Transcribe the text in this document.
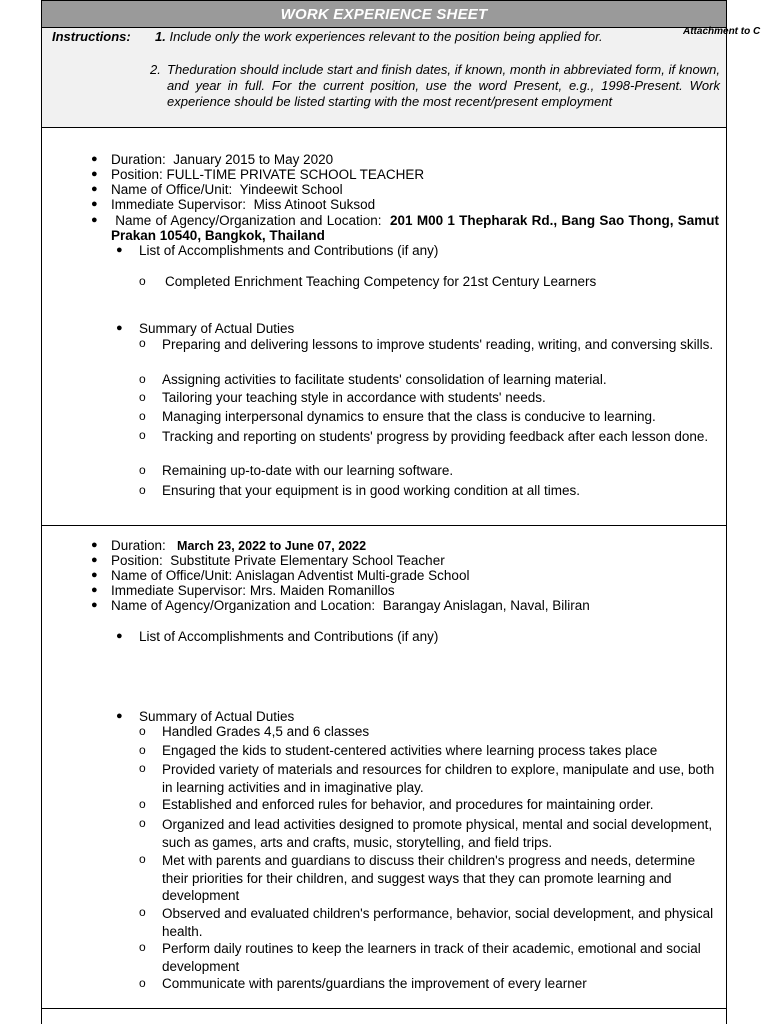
WORK EXPERIENCE SHEET
Instructions: 1. Include only the work experiences relevant to the position being applied for.
2. Theduration should include start and finish dates, if known, month in abbreviated form, if known, and year in full. For the current position, use the word Present, e.g., 1998-Present. Work experience should be listed starting with the most recent/present employment
● Duration: January 2015 to May 2020
● Position: FULL-TIME PRIVATE SCHOOL TEACHER
● Name of Office/Unit: Yindeewit School
● Immediate Supervisor: Miss Atinoot Suksod
●	Name of Agency/Organization and Location: 201 M00 1 Thepharak Rd., Bang Sao Thong, Samut Prakan 10540, Bangkok, Thailand
● List of Accomplishments and Contributions (if any)
o Completed Enrichment Teaching Competency for 21st Century Learners
● Summary of Actual Duties
o Preparing and delivering lessons to improve students' reading, writing, and conversing skills.
o Assigning activities to facilitate students' consolidation of learning material.
o Tailoring your teaching style in accordance with students' needs.
o Managing interpersonal dynamics to ensure that the class is conducive to learning.
o Tracking and reporting on students' progress by providing feedback after each lesson done.
o Remaining up-to-date with our learning software.
o Ensuring that your equipment is in good working condition at all times.
● Duration: March 23, 2022 to June 07, 2022
● Position: Substitute Private Elementary School Teacher
● Name of Office/Unit: Anislagan Adventist Multi-grade School
● Immediate Supervisor: Mrs. Maiden Romanillos
● Name of Agency/Organization and Location: Barangay Anislagan, Naval, Biliran
● List of Accomplishments and Contributions (if any)
● Summary of Actual Duties
o Handled Grades 4,5 and 6 classes
o Engaged the kids to student-centered activities where learning process takes place
o Provided variety of materials and resources for children to explore, manipulate and use, both in learning activities and in imaginative play.
o Established and enforced rules for behavior, and procedures for maintaining order.
o Organized and lead activities designed to promote physical, mental and social development, such as games, arts and crafts, music, storytelling, and field trips.
o Met with parents and guardians to discuss their children's progress and needs, determine their priorities for their children, and suggest ways that they can promote learning and development
o Observed and evaluated children's performance, behavior, social development, and physical health.
o Perform daily routines to keep the learners in track of their academic, emotional and social development
o Communicate with parents/guardians the improvement of every learner
Attachment to C
